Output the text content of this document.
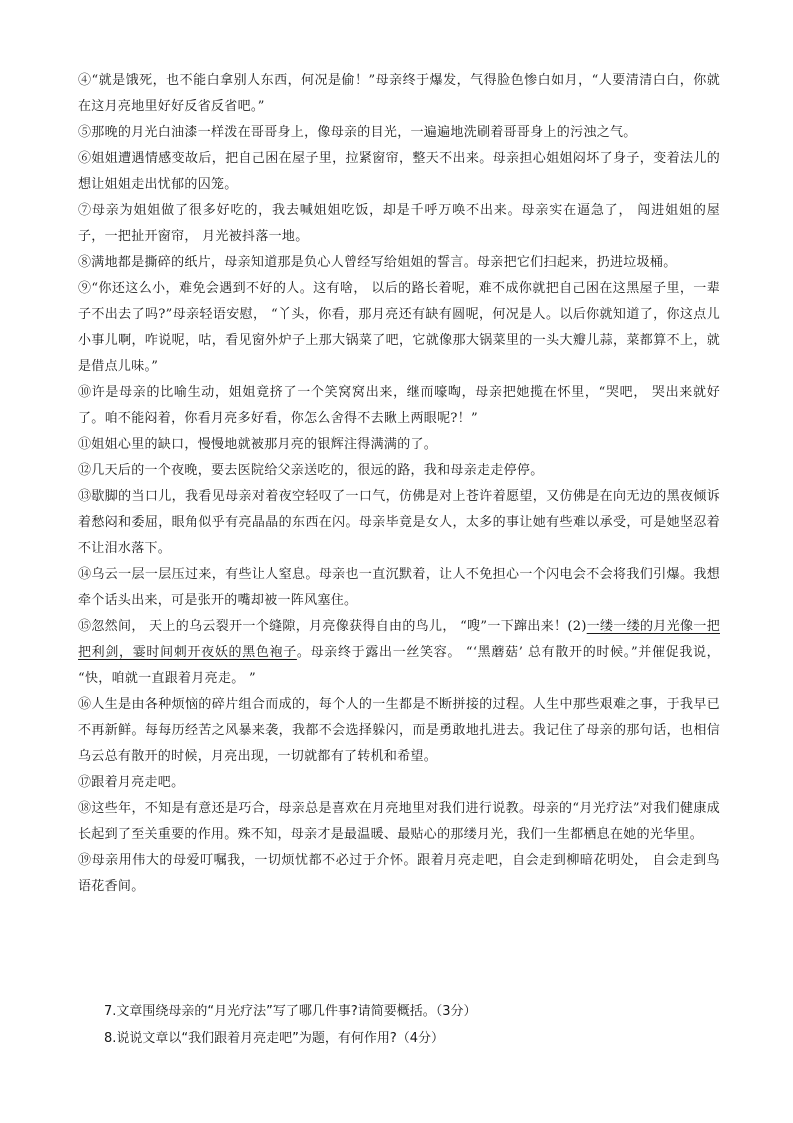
④“就是饿死，也不能白拿别人东西，何况是偷！”母亲终于爆发，气得脸色惨白如月，“人要清清白白，你就在这月亮地里好好反省反省吧。”

⑤那晚的月光白油漆一样泼在哥哥身上，像母亲的目光，一遍遍地洗刷着哥哥身上的污浊之气。

⑥姐姐遭遇情感变故后，把自己困在屋子里，拉紧窗帘，整天不出来。母亲担心姐姐闷坏了身子，变着法儿的想让姐姐走出忧郁的囚笼。

⑦母亲为姐姐做了很多好吃的，我去喊姐姐吃饭，却是千呼万唤不出来。母亲实在逼急了， 闯进姐姐的屋子，一把扯开窗帘， 月光被抖落一地。

⑧满地都是撕碎的纸片，母亲知道那是负心人曾经写给姐姐的誓言。母亲把它们扫起来，扔进垃圾桶。

⑨“你还这么小，难免会遇到不好的人。这有啥， 以后的路长着呢，难不成你就把自己困在这黑屋子里，一辈子不出去了吗?”母亲轻语安慰， “丫头，你看，那月亮还有缺有圆呢，何况是人。以后你就知道了，你这点儿小事儿啊，咋说呢，咕，看见窗外炉子上那大锅菜了吧，它就像那大锅菜里的一头大瓣儿蒜，菜都算不上，就是借点儿味。”

⑩许是母亲的比喻生动，姐姐竟挤了一个笑窝窝出来，继而嚎啕，母亲把她揽在怀里，“哭吧， 哭出来就好了。咱不能闷着，你看月亮多好看，你怎么舍得不去瞅上两眼呢?！”

⑪姐姐心里的缺口，慢慢地就被那月亮的银辉注得满满的了。

⑫几天后的一个夜晚，要去医院给父亲送吃的，很远的路，我和母亲走走停停。

⑬歇脚的当口儿，我看见母亲对着夜空轻叹了一口气，仿佛是对上苍许着愿望，又仿佛是在向无边的黑夜倾诉着愁闷和委屈，眼角似乎有亮晶晶的东西在闪。母亲毕竟是女人，太多的事让她有些难以承受，可是她坚忍着不让泪水落下。

⑭乌云一层一层压过来，有些让人窒息。母亲也一直沉默着，让人不免担心一个闪电会不会将我们引爆。我想牵个话头出来，可是张开的嘴却被一阵风塞住。

⑮忽然间， 天上的乌云裂开一个缝隙，月亮像获得自由的鸟儿， “嗖”一下蹿出来！(2)一缕一缕的月光像一把把利剑，霎时间刺开夜妖的黑色袍子。母亲终于露出一丝笑容。 “‘黑蘑菇’ 总有散开的时候。”并催促我说， “快，咱就一直跟着月亮走。 ”

⑯人生是由各种烦恼的碎片组合而成的，每个人的一生都是不断拼接的过程。人生中那些艰难之事，于我早已不再新鲜。每每历经苦之风暴来袭，我都不会选择躲闪，而是勇敢地扎进去。我记住了母亲的那句话，也相信乌云总有散开的时候，月亮出现，一切就都有了转机和希望。

⑰跟着月亮走吧。

⑱这些年，不知是有意还是巧合，母亲总是喜欢在月亮地里对我们进行说教。母亲的“月光疗法”对我们健康成长起到了至关重要的作用。殊不知，母亲才是最温暖、最贴心的那缕月光，我们一生都栖息在她的光华里。

⑲母亲用伟大的母爱叮嘱我，一切烦忧都不必过于介怀。跟着月亮走吧，自会走到柳暗花明处， 自会走到鸟语花香间。

7.文章围绕母亲的“月光疗法”写了哪几件事?请简要概括。（3分）

8.说说文章以“我们跟着月亮走吧”为题，有何作用?（4分）
